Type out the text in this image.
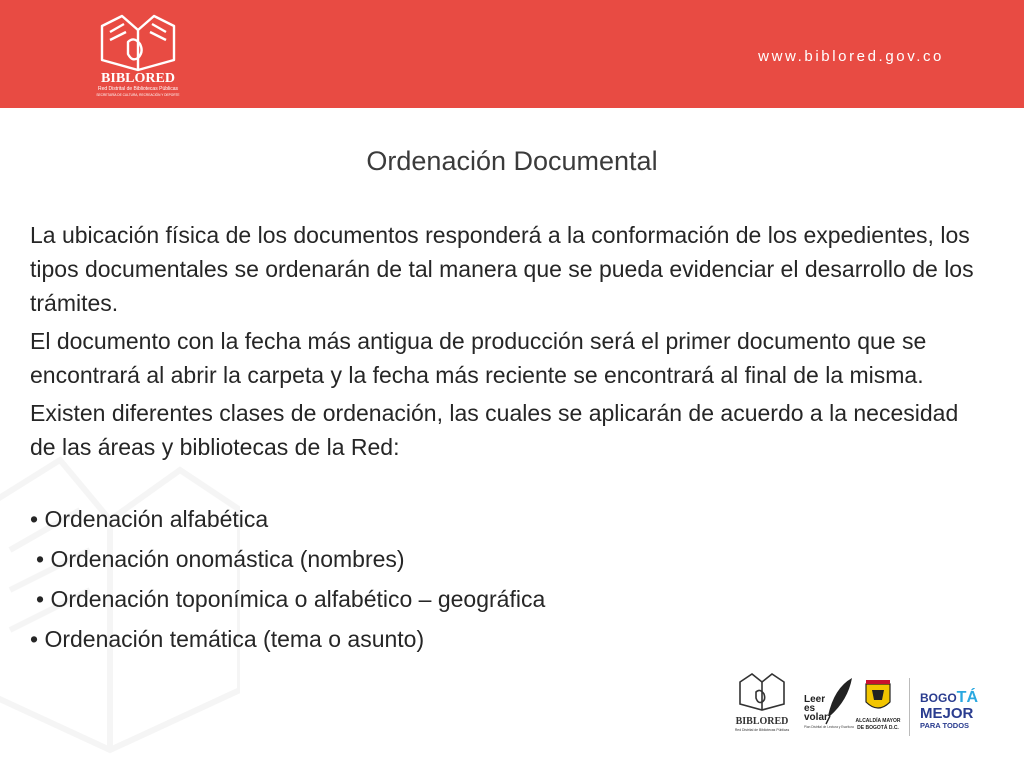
BIBLORED
Red Distrital de Bibliotecas Públicas
SECRETARÍA DE CULTURA, RECREACIÓN Y DEPORTE
www.biblored.gov.co
Ordenación Documental

La ubicación física de los documentos responderá a la conformación de los expedientes, los tipos documentales se ordenarán de tal manera que se pueda evidenciar el desarrollo de los trámites.

El documento con la fecha más antigua de producción será el primer documento que se encontrará al abrir la carpeta y la fecha más reciente se encontrará al final de la misma.

Existen diferentes clases de ordenación, las cuales se aplicarán de acuerdo a la necesidad de las áreas y bibliotecas de la Red:

• Ordenación alfabética
• Ordenación onomástica (nombres)
• Ordenación toponímica o alfabético – geográfica
• Ordenación temática (tema o asunto)
BIBLORED
Red Distrital de Bibliotecas Públicas
Leer
es
volar
Plan Distrital de Lectura y Escritura
ALCALDÍA MAYOR
DE BOGOTÁ D.C.
BOGOTÁ
MEJOR
PARA TODOS
